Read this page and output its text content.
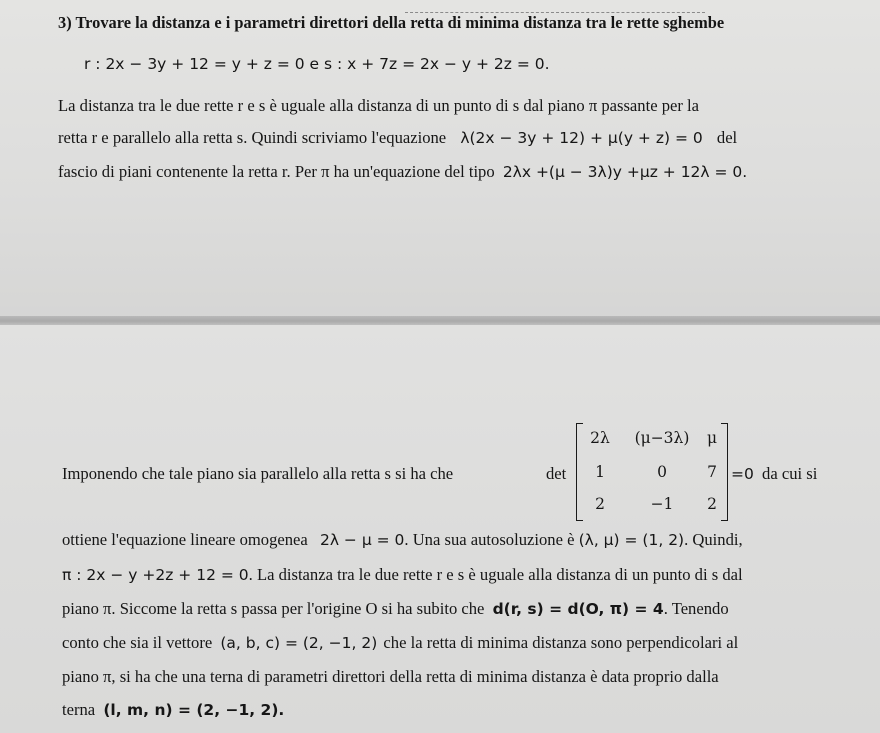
3) Trovare la distanza e i parametri direttori della retta di minima distanza tra le rette sghembe
r : 2x − 3y + 12 = y + z = 0 e s : x + 7z = 2x − y + 2z = 0.
La distanza tra le due rette r e s è uguale alla distanza di un punto di s dal piano π passante per la
retta r e parallelo alla retta s. Quindi scriviamo l'equazione λ(2x − 3y + 12) + μ(y + z) = 0 del
fascio di piani contenente la retta r. Per π ha un'equazione del tipo 2λx +(μ − 3λ)y +μz + 12λ = 0.
Imponendo che tale piano sia parallelo alla retta s si ha che	det
2λ	(μ−3λ)	μ
1	0	7
2	−1	2
=0 da cui si
ottiene l'equazione lineare omogenea 2λ − μ = 0. Una sua autosoluzione è (λ, μ) = (1, 2). Quindi,
π : 2x − y +2z + 12 = 0. La distanza tra le due rette r e s è uguale alla distanza di un punto di s dal
piano π. Siccome la retta s passa per l'origine O si ha subito che d(r, s) = d(O, π) = 4. Tenendo
conto che sia il vettore (a, b, c) = (2, −1, 2) che la retta di minima distanza sono perpendicolari al
piano π, si ha che una terna di parametri direttori della retta di minima distanza è data proprio dalla
terna (l, m, n) = (2, −1, 2).
